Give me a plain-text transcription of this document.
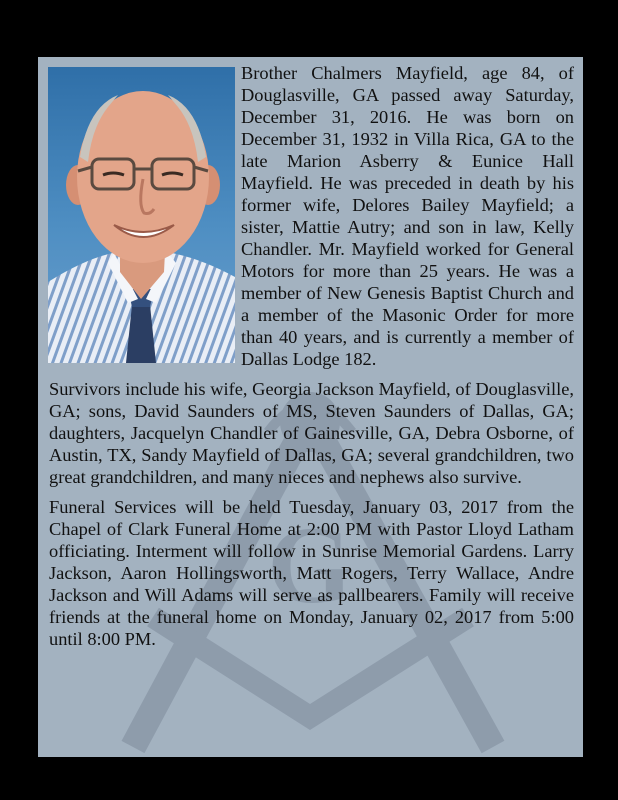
G

Brother Chalmers Mayfield, age 84, of Douglasville, GA passed away Saturday, December 31, 2016. He was born on December 31, 1932 in Villa Rica, GA to the late Marion Asberry & Eunice Hall Mayfield. He was preceded in death by his former wife, Delores Bailey Mayfield; a sister, Mattie Autry; and son in law, Kelly Chandler. Mr. Mayfield worked for General Motors for more than 25 years. He was a member of New Genesis Baptist Church and a member of the Masonic Order for more than 40 years, and is currently a member of Dallas Lodge 182.

Survivors include his wife, Georgia Jackson Mayfield, of Douglasville, GA; sons, David Saunders of MS, Steven Saunders of Dallas, GA; daughters, Jacquelyn Chandler of Gainesville, GA, Debra Osborne, of Austin, TX, Sandy Mayfield of Dallas, GA; several grandchildren, two great grandchildren, and many nieces and nephews also survive.

Funeral Services will be held Tuesday, January 03, 2017 from the Chapel of Clark Funeral Home at 2:00 PM with Pastor Lloyd Latham officiating. Interment will follow in Sunrise Memorial Gardens. Larry Jackson, Aaron Hollingsworth, Matt Rogers, Terry Wallace, Andre Jackson and Will Adams will serve as pallbearers. Family will receive friends at the funeral home on Monday, January 02, 2017 from 5:00 until 8:00 PM.
